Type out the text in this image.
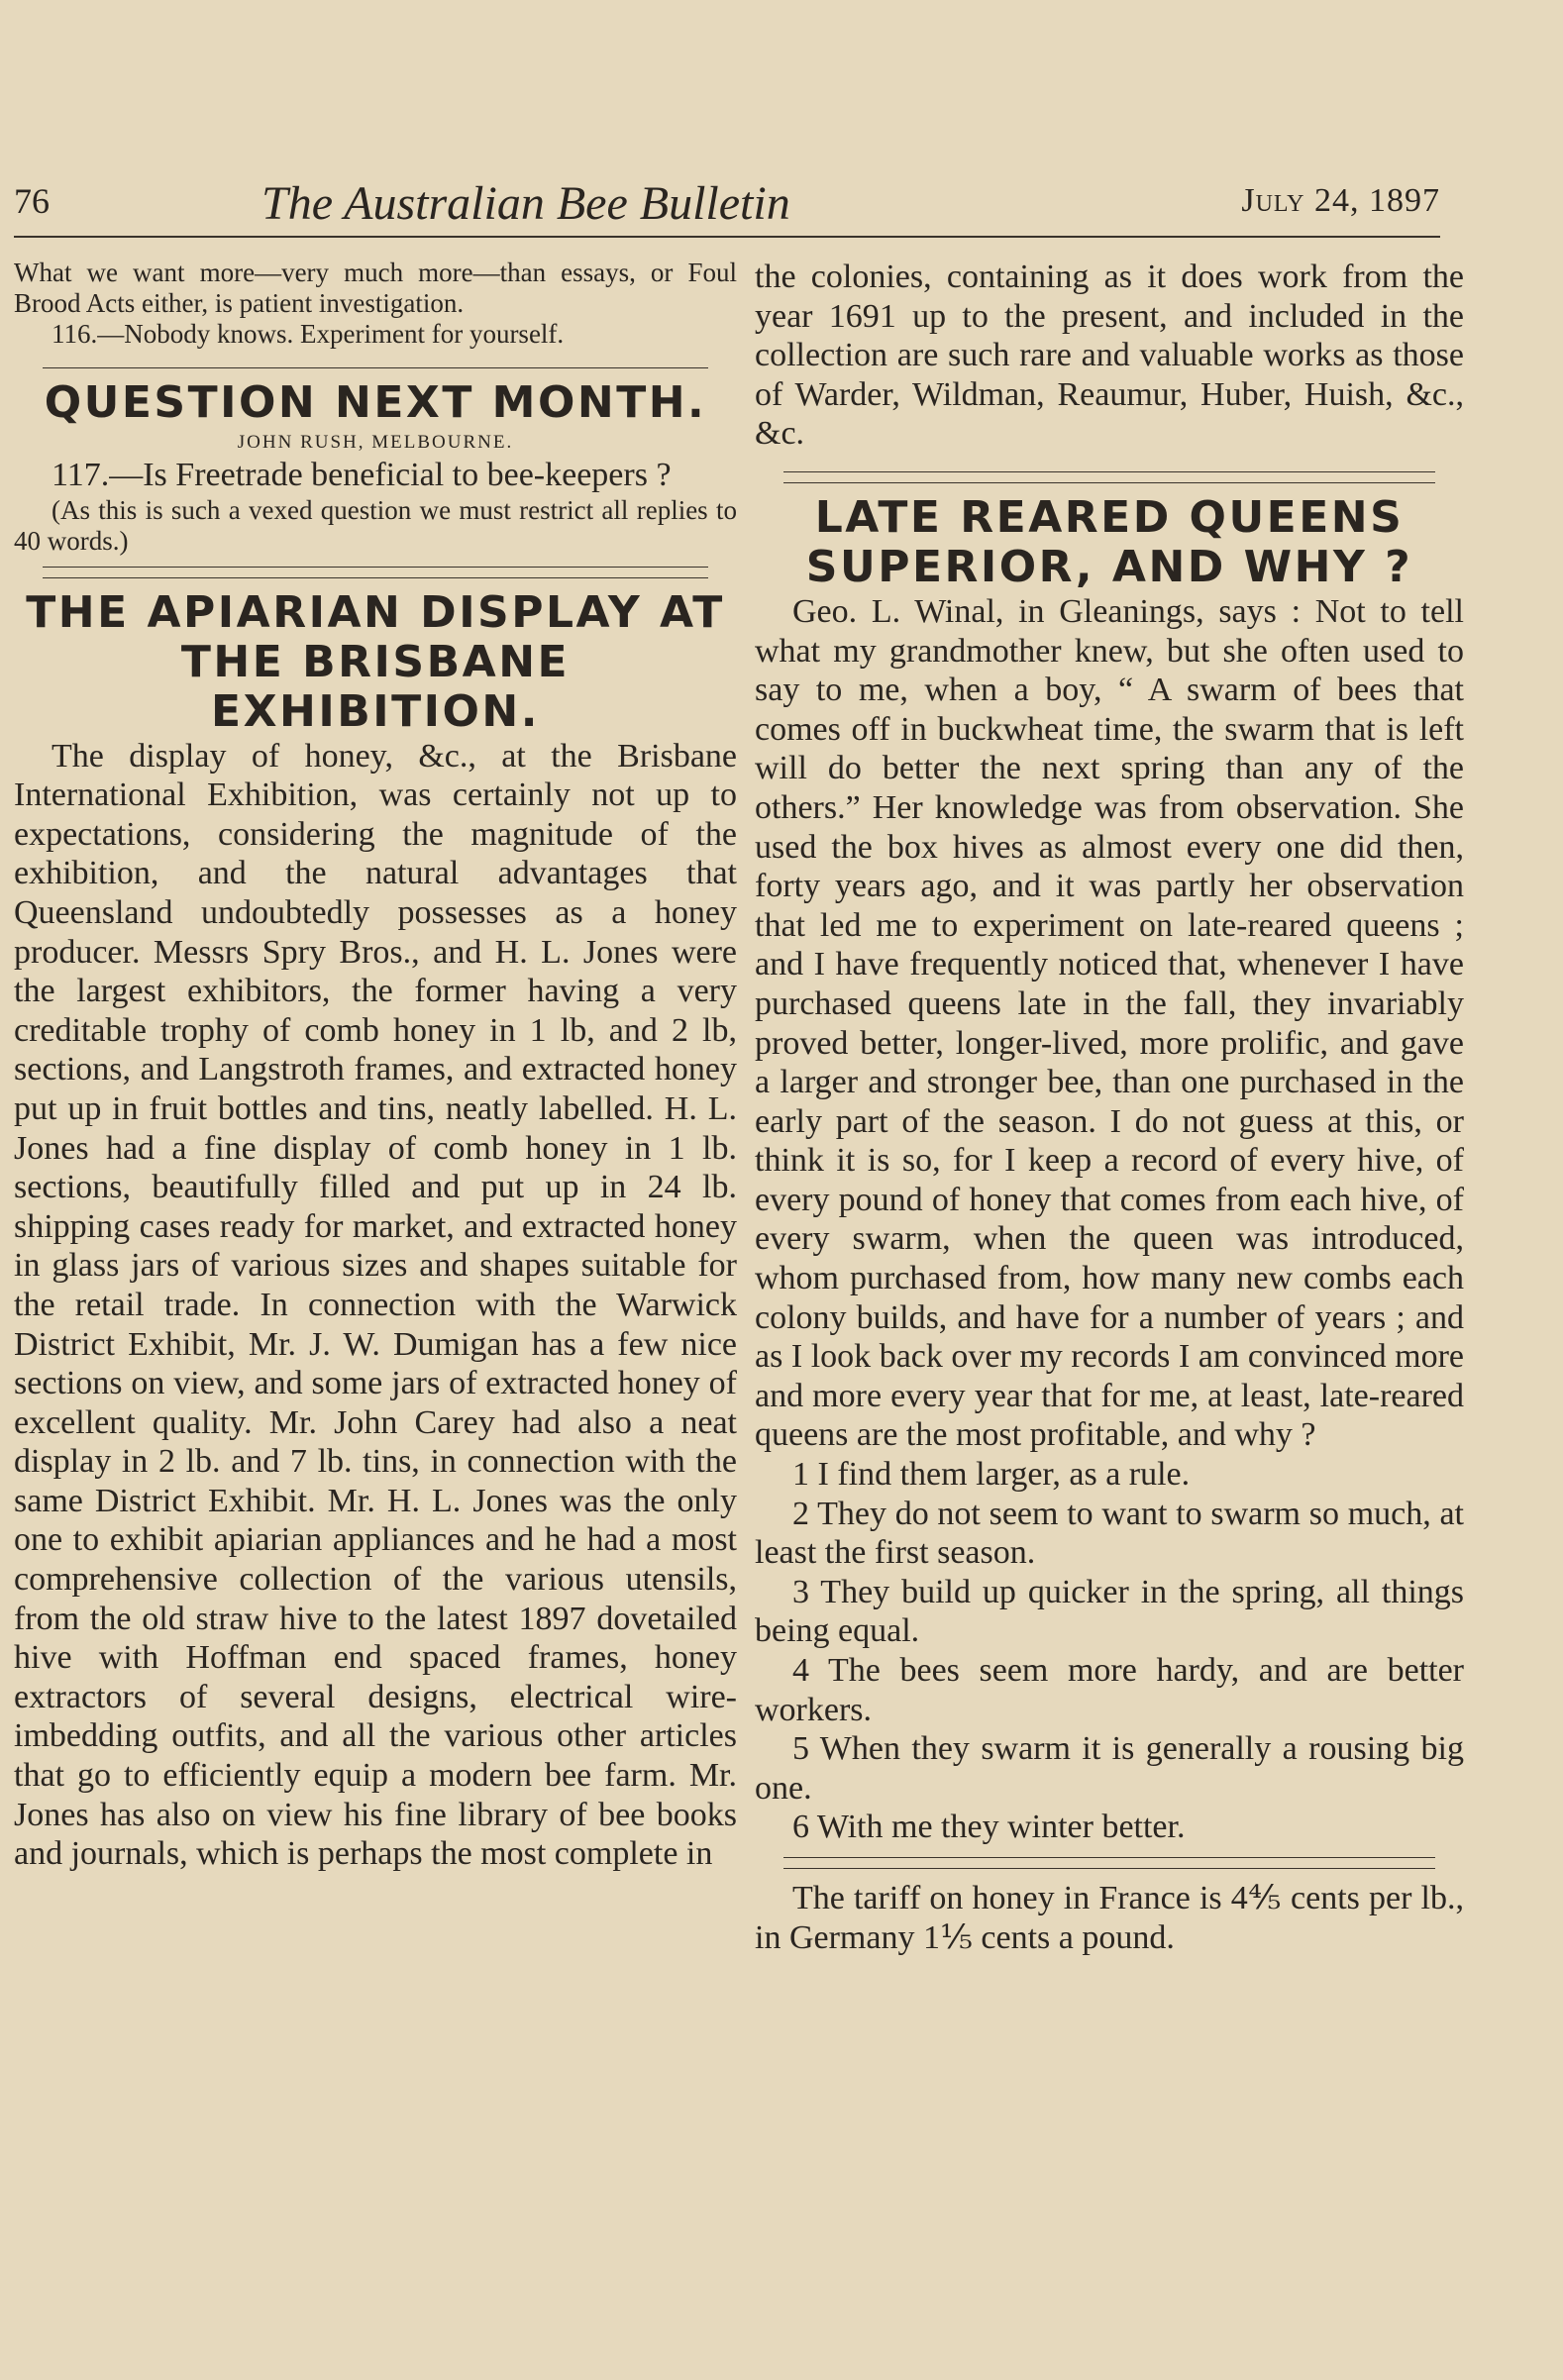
76	The Australian Bee Bulletin	July 24, 1897

What we want more—very much more—than essays, or Foul Brood Acts either, is patient investigation.

116.—Nobody knows. Experiment for yourself.

QUESTION NEXT MONTH.
JOHN RUSH, MELBOURNE.

117.—Is Freetrade beneficial to bee-keepers ?

(As this is such a vexed question we must restrict all replies to 40 words.)

THE APIARIAN DISPLAY AT
THE BRISBANE EXHIBITION.

The display of honey, &c., at the Brisbane International Exhibition, was certainly not up to expectations, considering the magnitude of the exhibition, and the natural advantages that Queensland undoubtedly possesses as a honey producer. Messrs Spry Bros., and H. L. Jones were the largest exhibitors, the former having a very creditable trophy of comb honey in 1 lb, and 2 lb, sections, and Langstroth frames, and extracted honey put up in fruit bottles and tins, neatly labelled. H. L. Jones had a fine display of comb honey in 1 lb. sections, beautifully filled and put up in 24 lb. shipping cases ready for market, and extracted honey in glass jars of various sizes and shapes suitable for the retail trade. In connection with the Warwick District Exhibit, Mr. J. W. Dumigan has a few nice sections on view, and some jars of extracted honey of excellent quality. Mr. John Carey had also a neat display in 2 lb. and 7 lb. tins, in connection with the same District Exhibit. Mr. H. L. Jones was the only one to exhibit apiarian appliances and he had a most comprehensive collection of the various utensils, from the old straw hive to the latest 1897 dovetailed hive with Hoffman end spaced frames, honey extractors of several designs, electrical wire-imbedding outfits, and all the various other articles that go to efficiently equip a modern bee farm. Mr. Jones has also on view his fine library of bee books and journals, which is perhaps the most complete in

the colonies, containing as it does work from the year 1691 up to the present, and included in the collection are such rare and valuable works as those of Warder, Wildman, Reaumur, Huber, Huish, &c., &c.

LATE REARED QUEENS
SUPERIOR, AND WHY ?

Geo. L. Winal, in Gleanings, says : Not to tell what my grandmother knew, but she often used to say to me, when a boy, “ A swarm of bees that comes off in buckwheat time, the swarm that is left will do better the next spring than any of the others.” Her knowledge was from observation. She used the box hives as almost every one did then, forty years ago, and it was partly her observation that led me to experiment on late-reared queens ; and I have frequently noticed that, whenever I have purchased queens late in the fall, they invariably proved better, longer-lived, more prolific, and gave a larger and stronger bee, than one purchased in the early part of the season. I do not guess at this, or think it is so, for I keep a record of every hive, of every pound of honey that comes from each hive, of every swarm, when the queen was introduced, whom purchased from, how many new combs each colony builds, and have for a number of years ; and as I look back over my records I am convinced more and more every year that for me, at least, late-reared queens are the most profitable, and why ?

1 I find them larger, as a rule.

2 They do not seem to want to swarm so much, at least the first season.

3 They build up quicker in the spring, all things being equal.

4 The bees seem more hardy, and are better workers.

5 When they swarm it is generally a rousing big one.

6 With me they winter better.

The tariff on honey in France is 4⅘ cents per lb., in Germany 1⅕ cents a pound.
